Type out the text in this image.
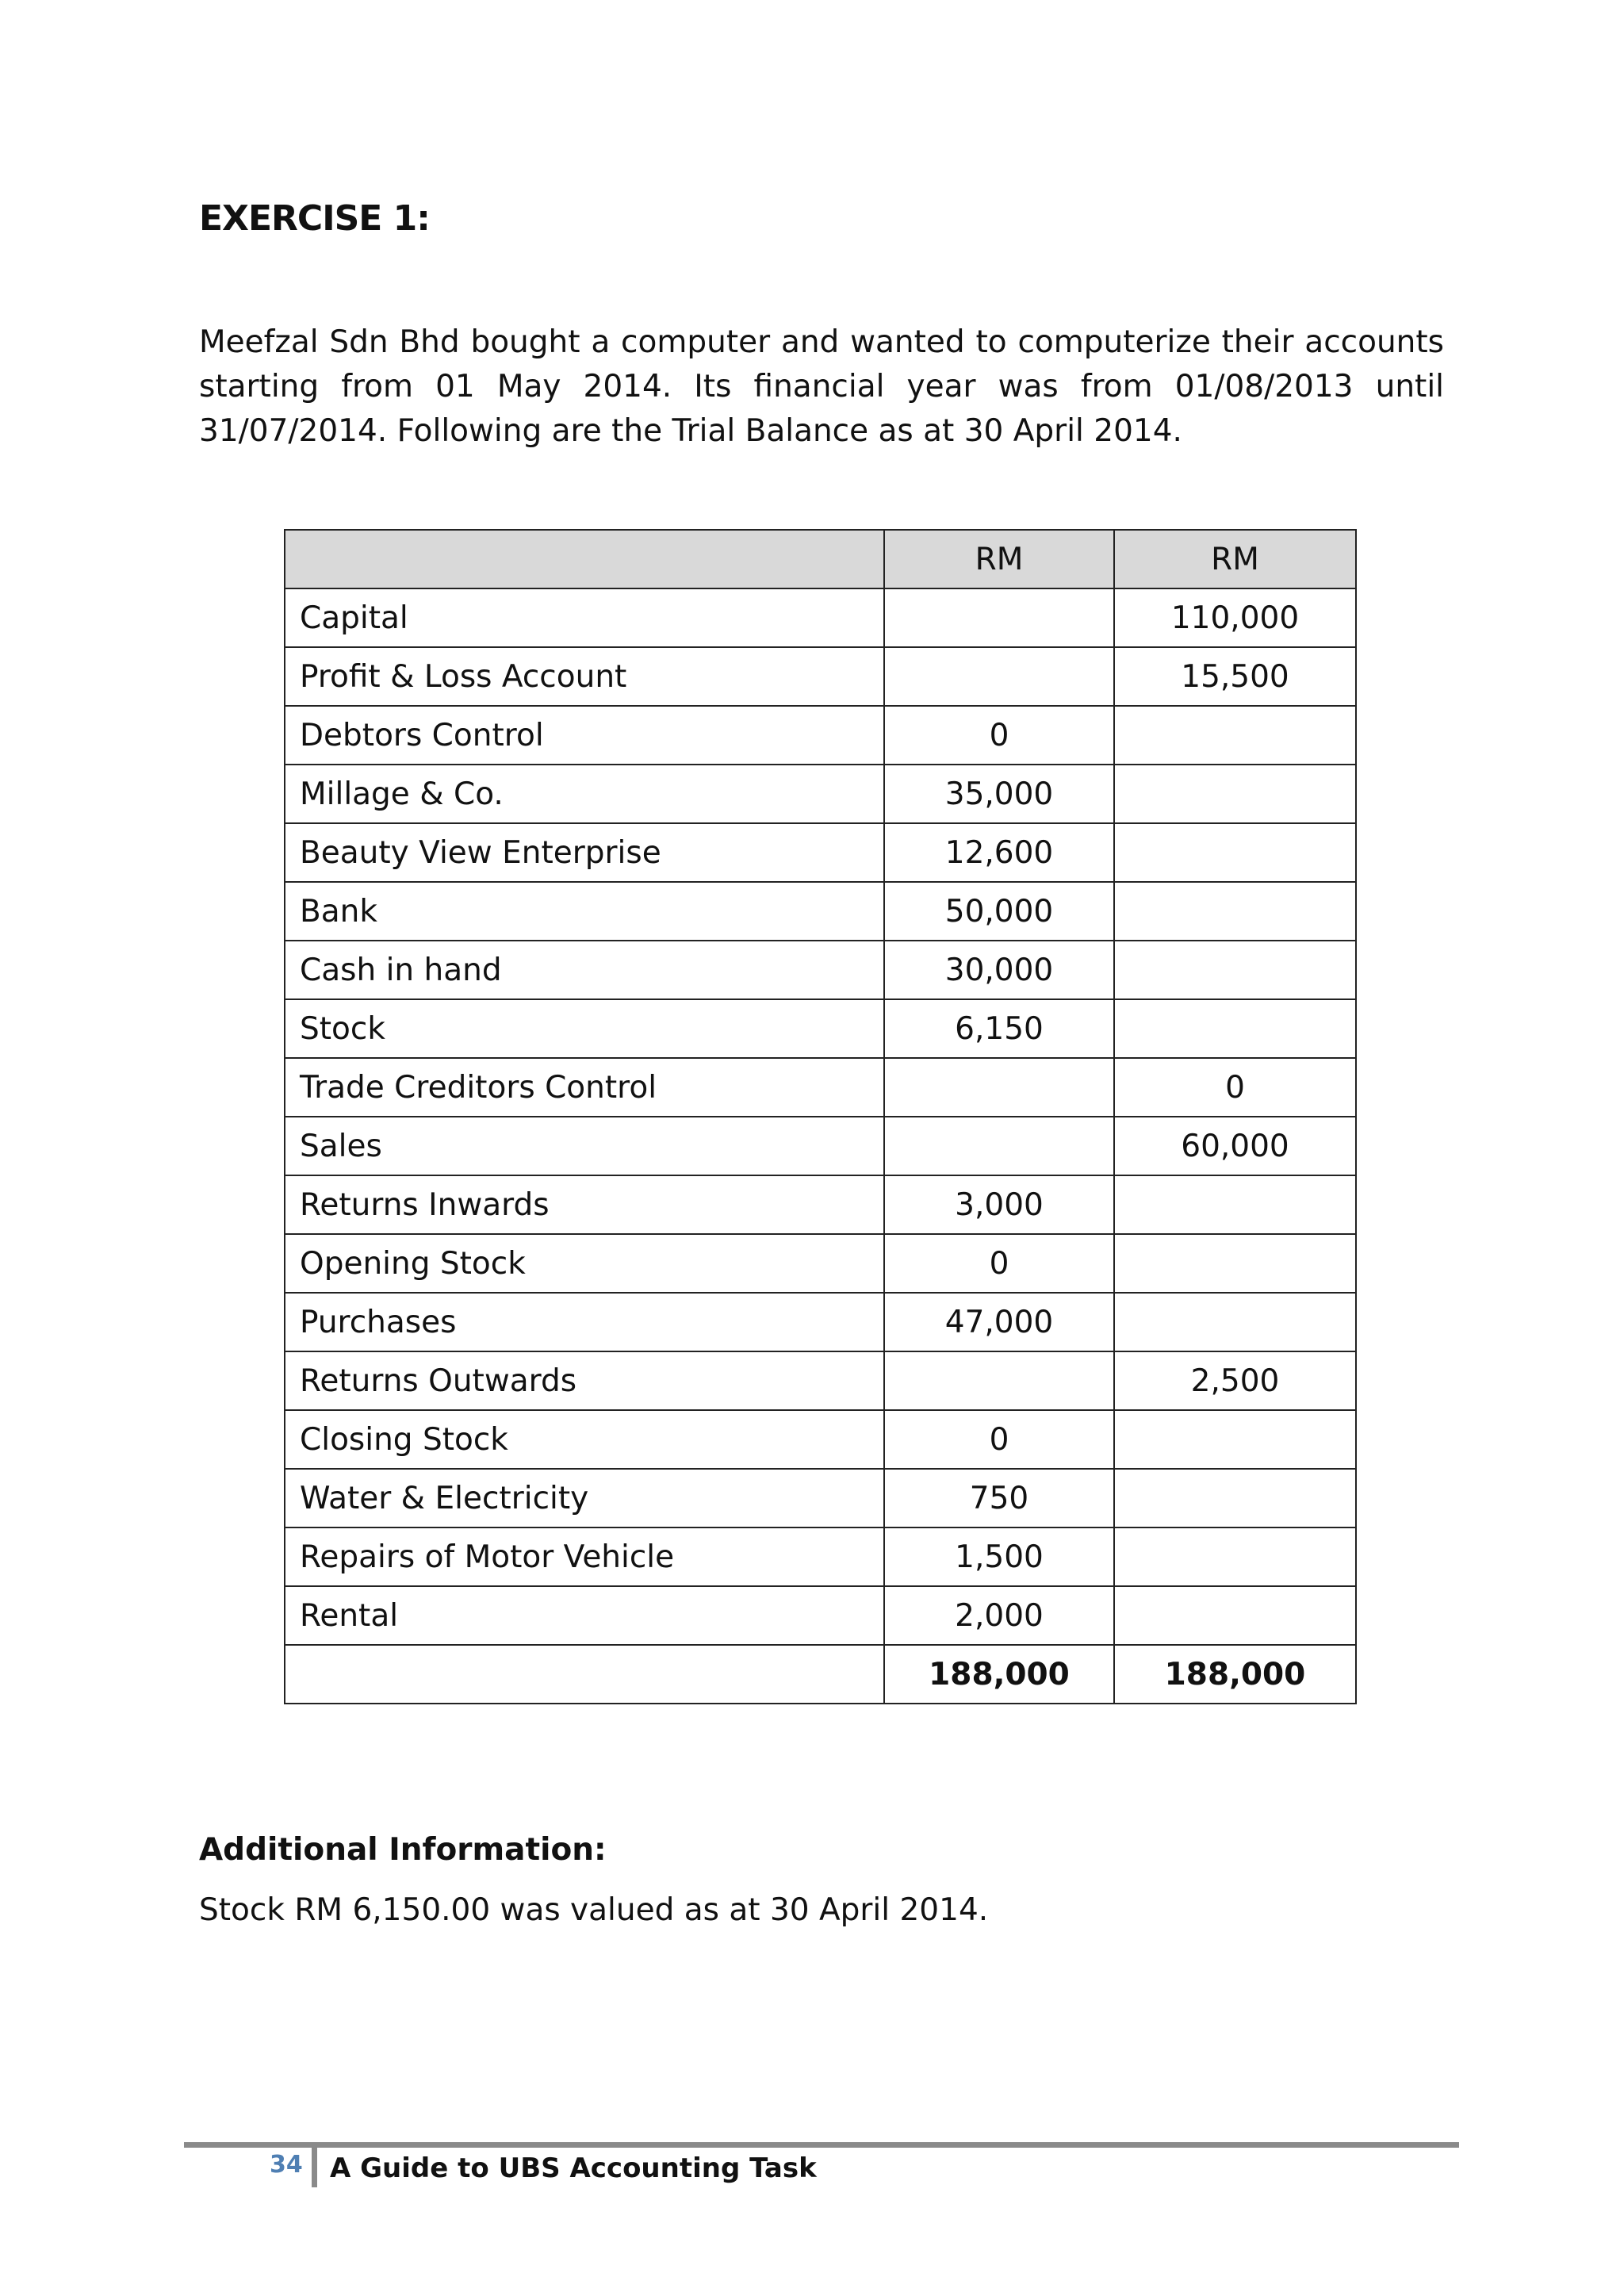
EXERCISE 1:

Meefzal Sdn Bhd bought a computer and wanted to computerize their accounts starting from 01 May 2014. Its financial year was from 01/08/2013 until 31/07/2014. Following are the Trial Balance as at 30 April 2014.

	RM	RM
Capital		110,000
Profit & Loss Account		15,500
Debtors Control	0	
Millage & Co.	35,000	
Beauty View Enterprise	12,600	
Bank	50,000	
Cash in hand	30,000	
Stock	6,150	
Trade Creditors Control		0
Sales		60,000
Returns Inwards	3,000	
Opening Stock	0	
Purchases	47,000	
Returns Outwards		2,500
Closing Stock	0	
Water & Electricity	750	
Repairs of Motor Vehicle	1,500	
Rental	2,000	
	188,000	188,000

Additional Information:

Stock RM 6,150.00 was valued as at 30 April 2014.

34 A Guide to UBS Accounting Task
